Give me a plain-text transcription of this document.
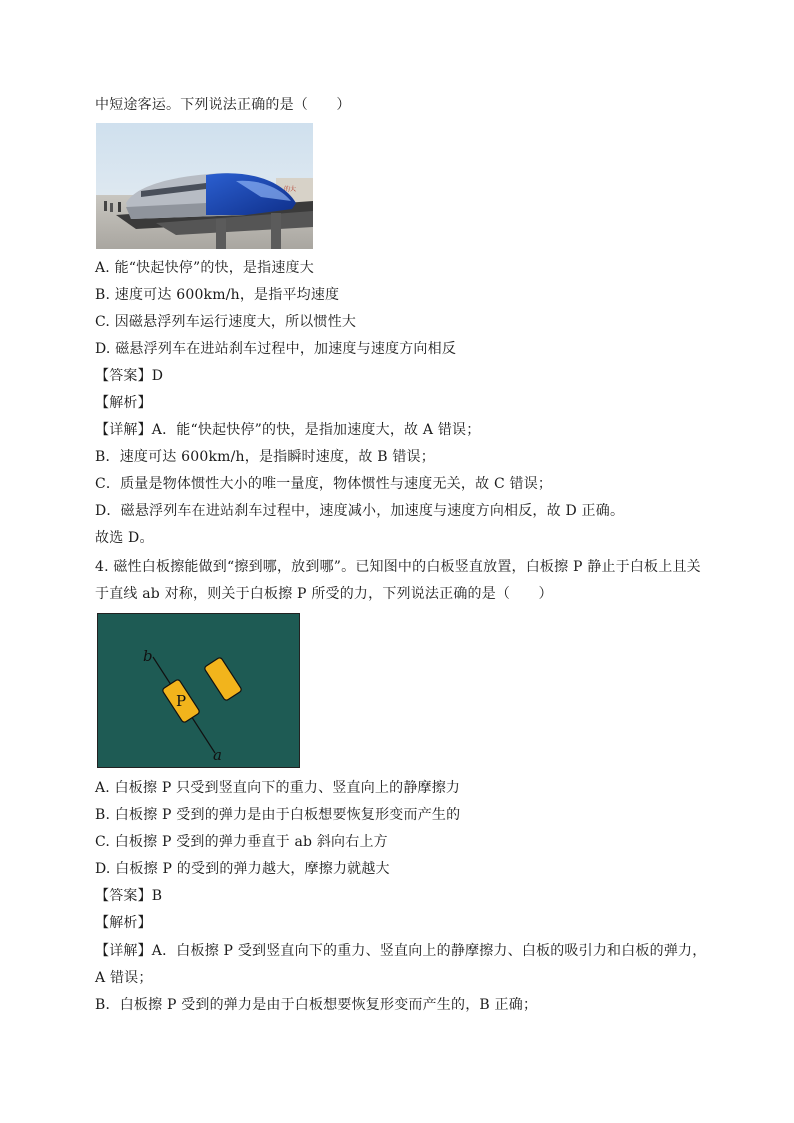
中短途客运。下列说法正确的是（　　）
的大
A. 能“快起快停”的快，是指速度大
B. 速度可达 600km/h，是指平均速度
C. 因磁悬浮列车运行速度大，所以惯性大
D. 磁悬浮列车在进站刹车过程中，加速度与速度方向相反
【答案】D
【解析】
【详解】A．能“快起快停”的快，是指加速度大，故 A 错误；
B．速度可达 600km/h，是指瞬时速度，故 B 错误；
C．质量是物体惯性大小的唯一量度，物体惯性与速度无关，故 C 错误；
D．磁悬浮列车在进站刹车过程中，速度减小，加速度与速度方向相反，故 D 正确。
故选 D。
4. 磁性白板擦能做到“擦到哪，放到哪”。已知图中的白板竖直放置，白板擦 P 静止于白板上且关
于直线 ab 对称，则关于白板擦 P 所受的力，下列说法正确的是（　　）
b
P
a
A. 白板擦 P 只受到竖直向下的重力、竖直向上的静摩擦力
B. 白板擦 P 受到的弹力是由于白板想要恢复形变而产生的
C. 白板擦 P 受到的弹力垂直于 ab 斜向右上方
D. 白板擦 P 的受到的弹力越大，摩擦力就越大
【答案】B
【解析】
【详解】A．白板擦 P 受到竖直向下的重力、竖直向上的静摩擦力、白板的吸引力和白板的弹力，
A 错误；
B．白板擦 P 受到的弹力是由于白板想要恢复形变而产生的，B 正确；
